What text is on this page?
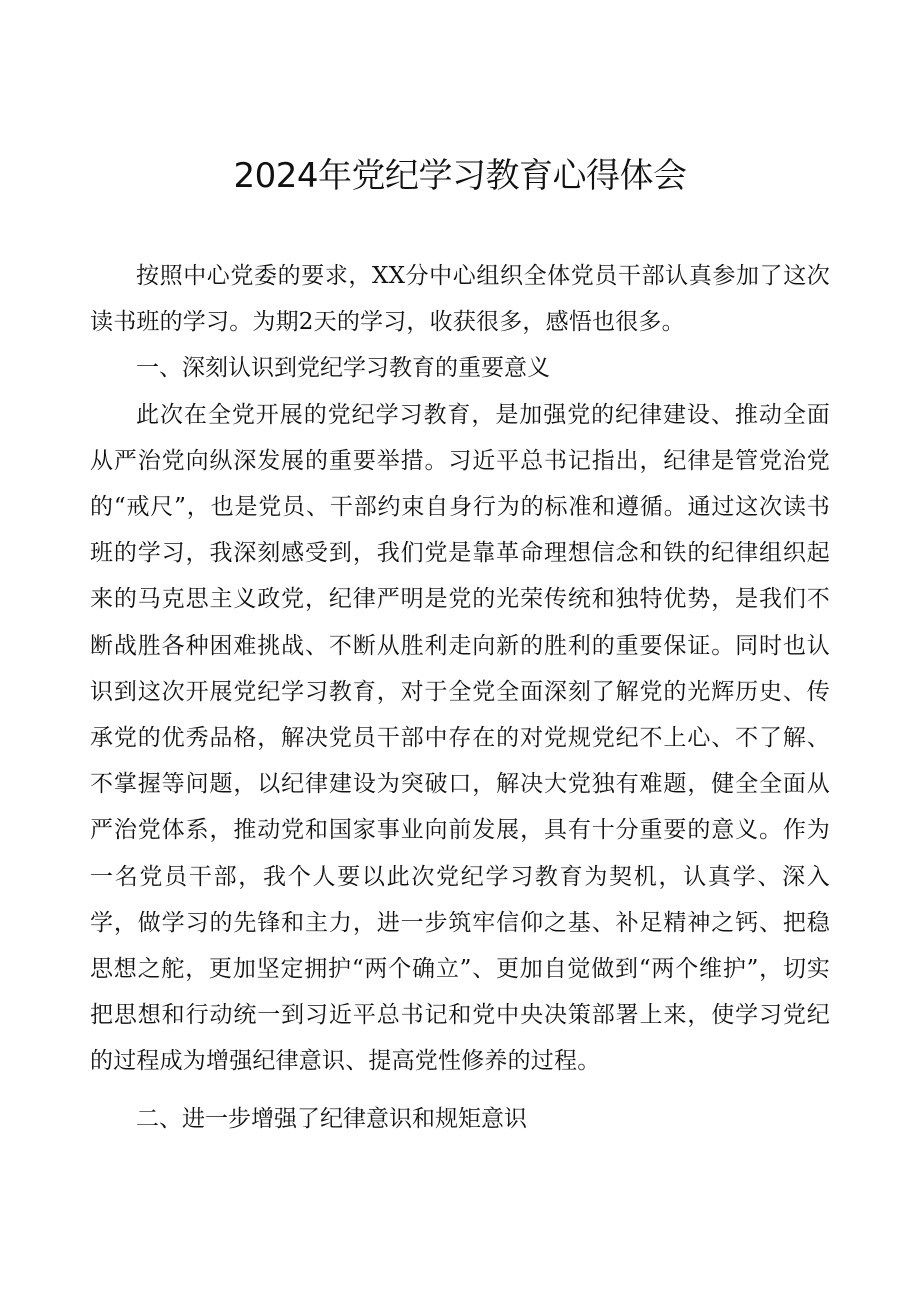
2024年党纪学习教育心得体会

按照中心党委的要求，XX分中心组织全体党员干部认真参加了这次读书班的学习。为期2天的学习，收获很多，感悟也很多。

一、深刻认识到党纪学习教育的重要意义

此次在全党开展的党纪学习教育，是加强党的纪律建设、推动全面从严治党向纵深发展的重要举措。习近平总书记指出，纪律是管党治党的“戒尺”，也是党员、干部约束自身行为的标准和遵循。通过这次读书班的学习，我深刻感受到，我们党是靠革命理想信念和铁的纪律组织起来的马克思主义政党，纪律严明是党的光荣传统和独特优势，是我们不断战胜各种困难挑战、不断从胜利走向新的胜利的重要保证。同时也认识到这次开展党纪学习教育，对于全党全面深刻了解党的光辉历史、传承党的优秀品格，解决党员干部中存在的对党规党纪不上心、不了解、不掌握等问题，以纪律建设为突破口，解决大党独有难题，健全全面从严治党体系，推动党和国家事业向前发展，具有十分重要的意义。作为一名党员干部，我个人要以此次党纪学习教育为契机，认真学、深入学，做学习的先锋和主力，进一步筑牢信仰之基、补足精神之钙、把稳思想之舵，更加坚定拥护“两个确立”、更加自觉做到“两个维护”，切实把思想和行动统一到习近平总书记和党中央决策部署上来，使学习党纪的过程成为增强纪律意识、提高党性修养的过程。

二、进一步增强了纪律意识和规矩意识
